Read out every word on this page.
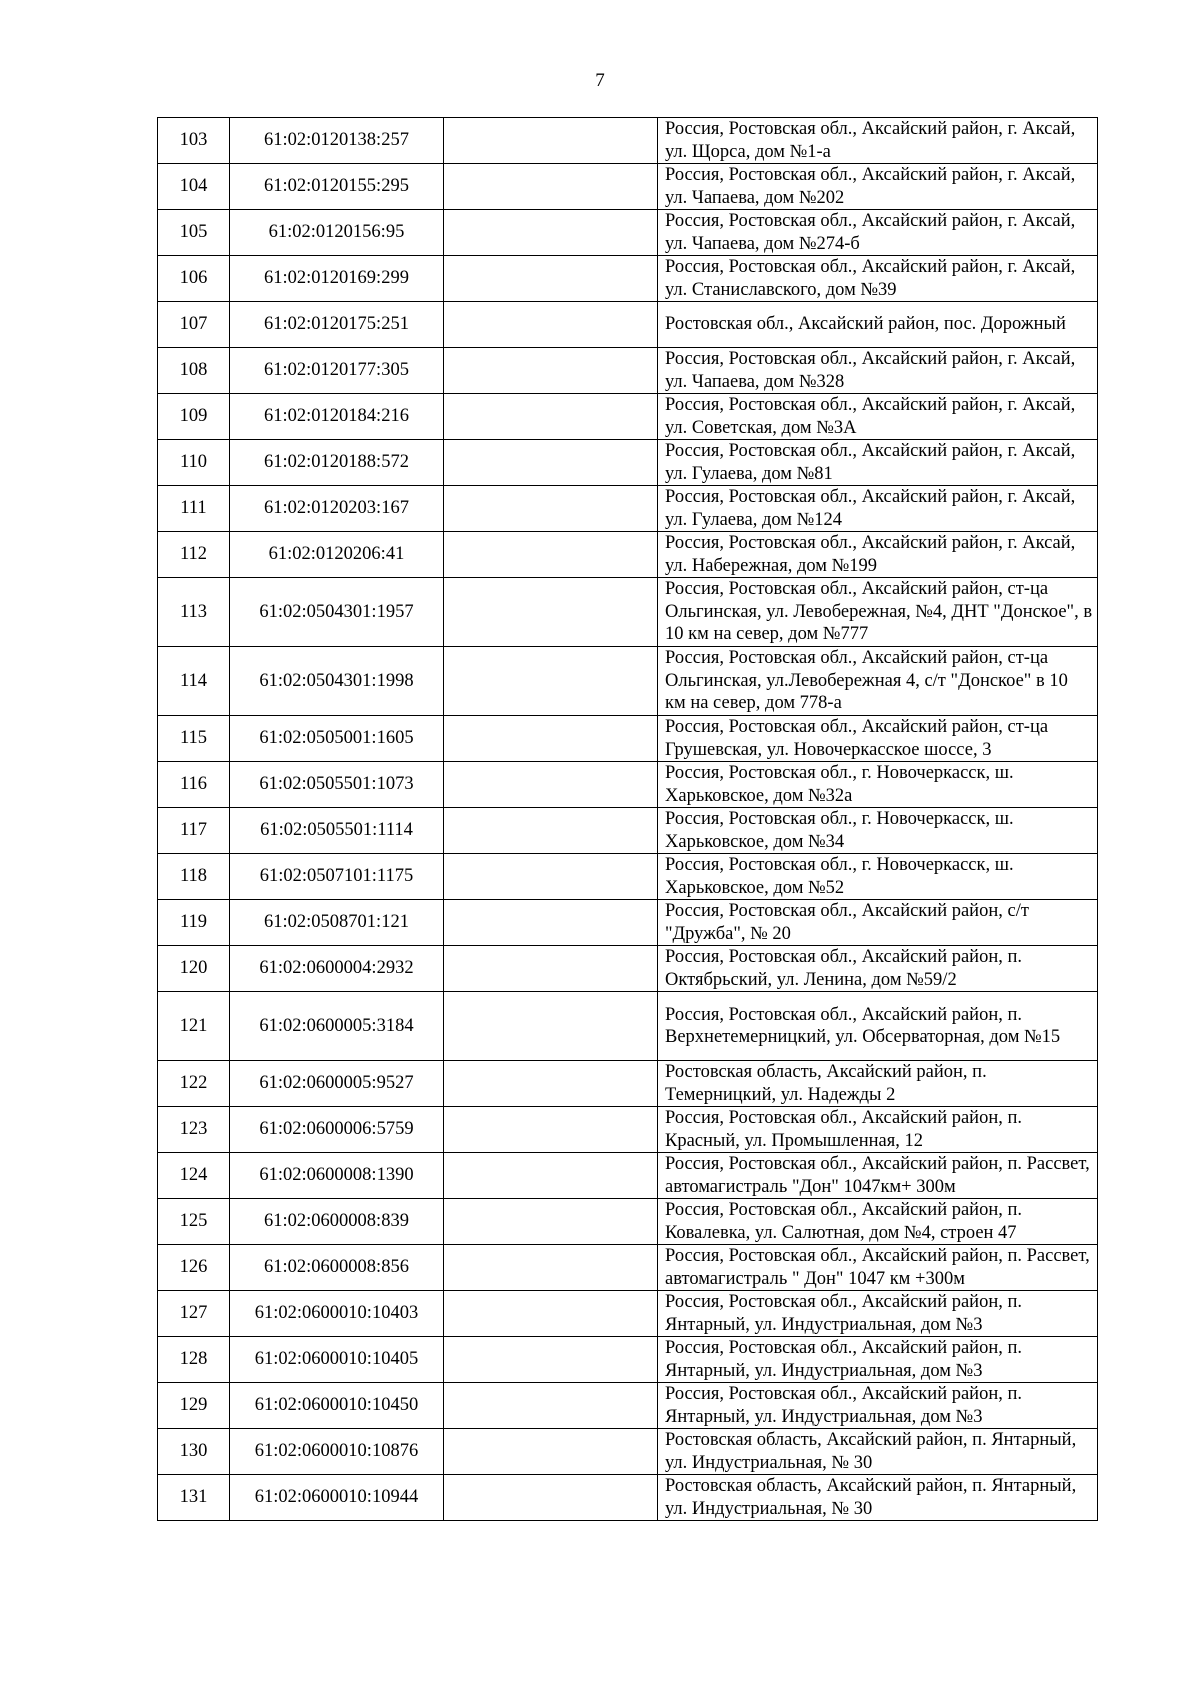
7
103	61:02:0120138:257		Россия, Ростовская обл., Аксайский район, г. Аксай, ул. Щорса, дом №1-а

104	61:02:0120155:295		Россия, Ростовская обл., Аксайский район, г. Аксай, ул. Чапаева, дом №202

105	61:02:0120156:95		Россия, Ростовская обл., Аксайский район, г. Аксай, ул. Чапаева, дом №274-б

106	61:02:0120169:299		Россия, Ростовская обл., Аксайский район, г. Аксай, ул. Станиславского, дом №39

107	61:02:0120175:251		Ростовская обл., Аксайский район, пос. Дорожный

108	61:02:0120177:305		Россия, Ростовская обл., Аксайский район, г. Аксай, ул. Чапаева, дом №328

109	61:02:0120184:216		Россия, Ростовская обл., Аксайский район, г. Аксай, ул. Советская, дом №3А

110	61:02:0120188:572		Россия, Ростовская обл., Аксайский район, г. Аксай, ул. Гулаева, дом №81

111	61:02:0120203:167		Россия, Ростовская обл., Аксайский район, г. Аксай, ул. Гулаева, дом №124

112	61:02:0120206:41		Россия, Ростовская обл., Аксайский район, г. Аксай, ул. Набережная, дом №199

113	61:02:0504301:1957		Россия, Ростовская обл., Аксайский район, ст-ца Ольгинская, ул. Левобережная, №4, ДНТ "Донское", в 10 км на север, дом №777

114	61:02:0504301:1998		Россия, Ростовская обл., Аксайский район, ст-ца Ольгинская, ул.Левобережная 4, с/т "Донское" в 10 км на север, дом 778-а

115	61:02:0505001:1605		Россия, Ростовская обл., Аксайский район, ст-ца Грушевская, ул. Новочеркасское шоссе, 3

116	61:02:0505501:1073		Россия, Ростовская обл., г. Новочеркасск, ш. Харьковское, дом №32а

117	61:02:0505501:1114		Россия, Ростовская обл., г. Новочеркасск, ш. Харьковское, дом №34

118	61:02:0507101:1175		Россия, Ростовская обл., г. Новочеркасск, ш. Харьковское, дом №52

119	61:02:0508701:121		Россия, Ростовская обл., Аксайский район, с/т "Дружба", № 20

120	61:02:0600004:2932		Россия, Ростовская обл., Аксайский район, п. Октябрьский, ул. Ленина, дом №59/2

121	61:02:0600005:3184		Россия, Ростовская обл., Аксайский район, п. Верхнетемерницкий, ул. Обсерваторная, дом №15

122	61:02:0600005:9527		Ростовская область, Аксайский район, п. Темерницкий, ул. Надежды 2

123	61:02:0600006:5759		Россия, Ростовская обл., Аксайский район, п. Красный, ул. Промышленная, 12

124	61:02:0600008:1390		Россия, Ростовская обл., Аксайский район, п. Рассвет, автомагистраль "Дон" 1047км+ 300м

125	61:02:0600008:839		Россия, Ростовская обл., Аксайский район, п. Ковалевка, ул. Салютная, дом №4, строен 47

126	61:02:0600008:856		Россия, Ростовская обл., Аксайский район, п. Рассвет, автомагистраль " Дон" 1047 км +300м

127	61:02:0600010:10403		Россия, Ростовская обл., Аксайский район, п. Янтарный, ул. Индустриальная, дом №3

128	61:02:0600010:10405		Россия, Ростовская обл., Аксайский район, п. Янтарный, ул. Индустриальная, дом №3

129	61:02:0600010:10450		Россия, Ростовская обл., Аксайский район, п. Янтарный, ул. Индустриальная, дом №3

130	61:02:0600010:10876		Ростовская область, Аксайский район, п. Янтарный, ул. Индустриальная, № 30

131	61:02:0600010:10944		Ростовская область, Аксайский район, п. Янтарный, ул. Индустриальная, № 30
